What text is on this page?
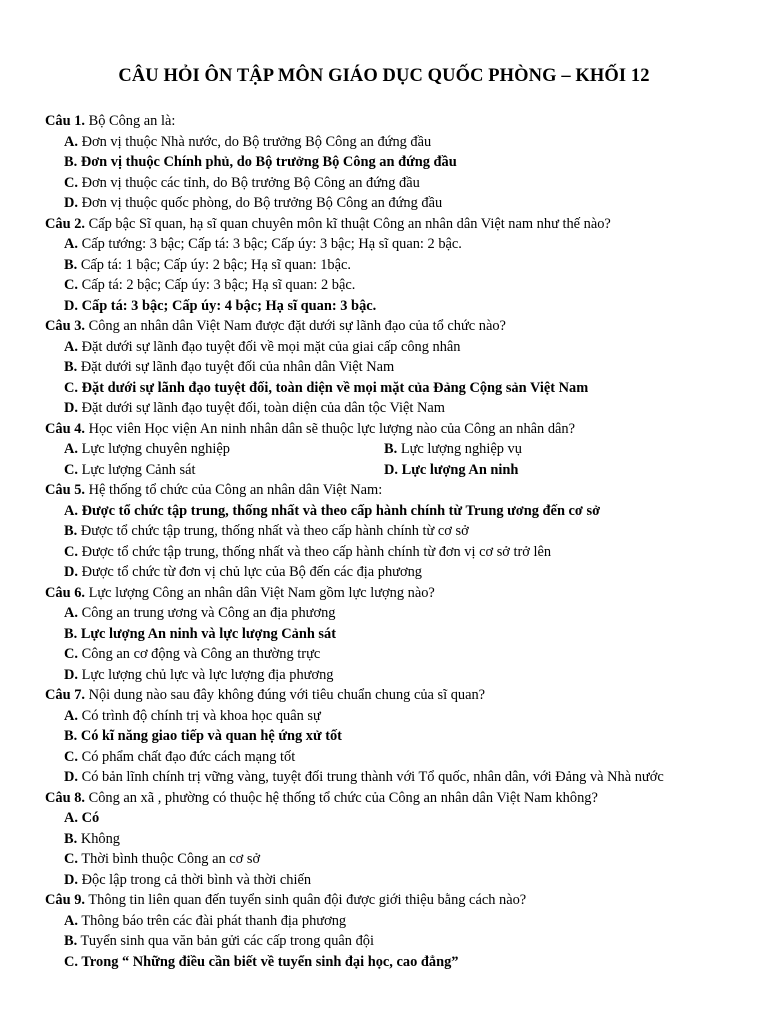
CÂU HỎI ÔN TẬP MÔN GIÁO DỤC QUỐC PHÒNG – KHỐI 12
Câu 1. Bộ Công an là:
A. Đơn vị thuộc Nhà nước, do Bộ trưởng Bộ Công an đứng đầu
B. Đơn vị thuộc Chính phủ, do Bộ trưởng Bộ Công an đứng đầu
C. Đơn vị thuộc các tỉnh, do Bộ trưởng Bộ Công an đứng đầu
D. Đơn vị thuộc quốc phòng, do Bộ trưởng Bộ Công an đứng đầu
Câu 2. Cấp bậc Sĩ quan, hạ sĩ quan chuyên môn kĩ thuật Công an nhân dân Việt nam như thế nào?
A. Cấp tướng: 3 bậc; Cấp tá: 3 bậc; Cấp úy: 3 bậc; Hạ sĩ quan: 2 bậc.
B. Cấp tá: 1 bậc; Cấp úy: 2 bậc; Hạ sĩ quan: 1bậc.
C. Cấp tá: 2 bậc; Cấp úy: 3 bậc; Hạ sĩ quan: 2 bậc.
D. Cấp tá: 3 bậc; Cấp úy: 4 bậc; Hạ sĩ quan: 3 bậc.
Câu 3. Công an nhân dân Việt Nam được đặt dưới sự lãnh đạo của tổ chức nào?
A. Đặt dưới sự lãnh đạo tuyệt đối về mọi mặt của giai cấp công nhân
B. Đặt dưới sự lãnh đạo tuyệt đối của nhân dân Việt Nam
C. Đặt dưới sự lãnh đạo tuyệt đối, toàn diện về mọi mặt của Đảng Cộng sản Việt Nam
D. Đặt dưới sự lãnh đạo tuyệt đối, toàn diện của dân tộc Việt Nam
Câu 4. Học viên Học viện An ninh nhân dân sẽ thuộc lực lượng nào của Công an nhân dân?
A. Lực lượng chuyên nghiệp	B. Lực lượng nghiệp vụ
C. Lực lượng Cảnh sát	D. Lực lượng An ninh
Câu 5. Hệ thống tổ chức của Công an nhân dân Việt Nam:
A. Được tổ chức tập trung, thống nhất và theo cấp hành chính từ Trung ương đến cơ sở
B. Được tổ chức tập trung, thống nhất và theo cấp hành chính từ cơ sở
C. Được tổ chức tập trung, thống nhất và theo cấp hành chính từ đơn vị cơ sở trở lên
D. Được tổ chức từ đơn vị chủ lực của Bộ đến các địa phương
Câu 6. Lực lượng Công an nhân dân Việt Nam gồm lực lượng nào?
A. Công an trung ương và Công an địa phương
B. Lực lượng An ninh và lực lượng Cảnh sát
C. Công an cơ động và Công an thường trực
D. Lực lượng chủ lực và lực lượng địa phương
Câu 7. Nội dung nào sau đây không đúng với tiêu chuẩn chung của sĩ quan?
A. Có trình độ chính trị và khoa học quân sự
B. Có kĩ năng giao tiếp và quan hệ ứng xử tốt
C. Có phẩm chất đạo đức cách mạng tốt
D. Có bản lĩnh chính trị vững vàng, tuyệt đối trung thành với Tổ quốc, nhân dân, với Đảng và Nhà nước
Câu 8. Công an xã , phường có thuộc hệ thống tổ chức của Công an nhân dân Việt Nam không?
A. Có
B. Không
C. Thời bình thuộc Công an cơ sở
D. Độc lập trong cả thời bình và thời chiến
Câu 9. Thông tin liên quan đến tuyển sinh quân đội được giới thiệu bằng cách nào?
A. Thông báo trên các đài phát thanh địa phương
B. Tuyển sinh qua văn bản gửi các cấp trong quân đội
C. Trong “ Những điều cần biết về tuyển sinh đại học, cao đẳng”
